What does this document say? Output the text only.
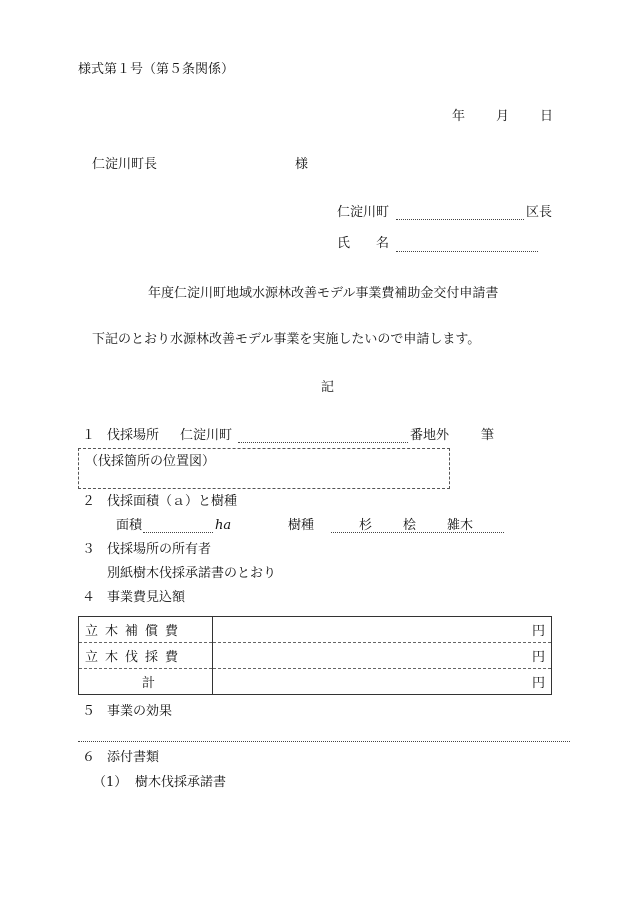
様式第１号（第５条関係）
年 月 日
仁淀川町長	様
仁淀川町	区長
氏　　名
年度仁淀川町地域水源林改善モデル事業費補助金交付申請書
下記のとおり水源林改善モデル事業を実施したいので申請します。
記
１ 伐採場所 仁淀川町	番地外 筆
（伐採箇所の位置図）
２ 伐採面積（ａ）と樹種
面積	ha	樹種	杉 桧 雑木
３ 伐採場所の所有者
別紙樹木伐採承諾書のとおり
４ 事業費見込額
立木補償費	円
立木伐採費	円
計	円
５ 事業の効果
６ 添付書類
（1） 樹木伐採承諾書
